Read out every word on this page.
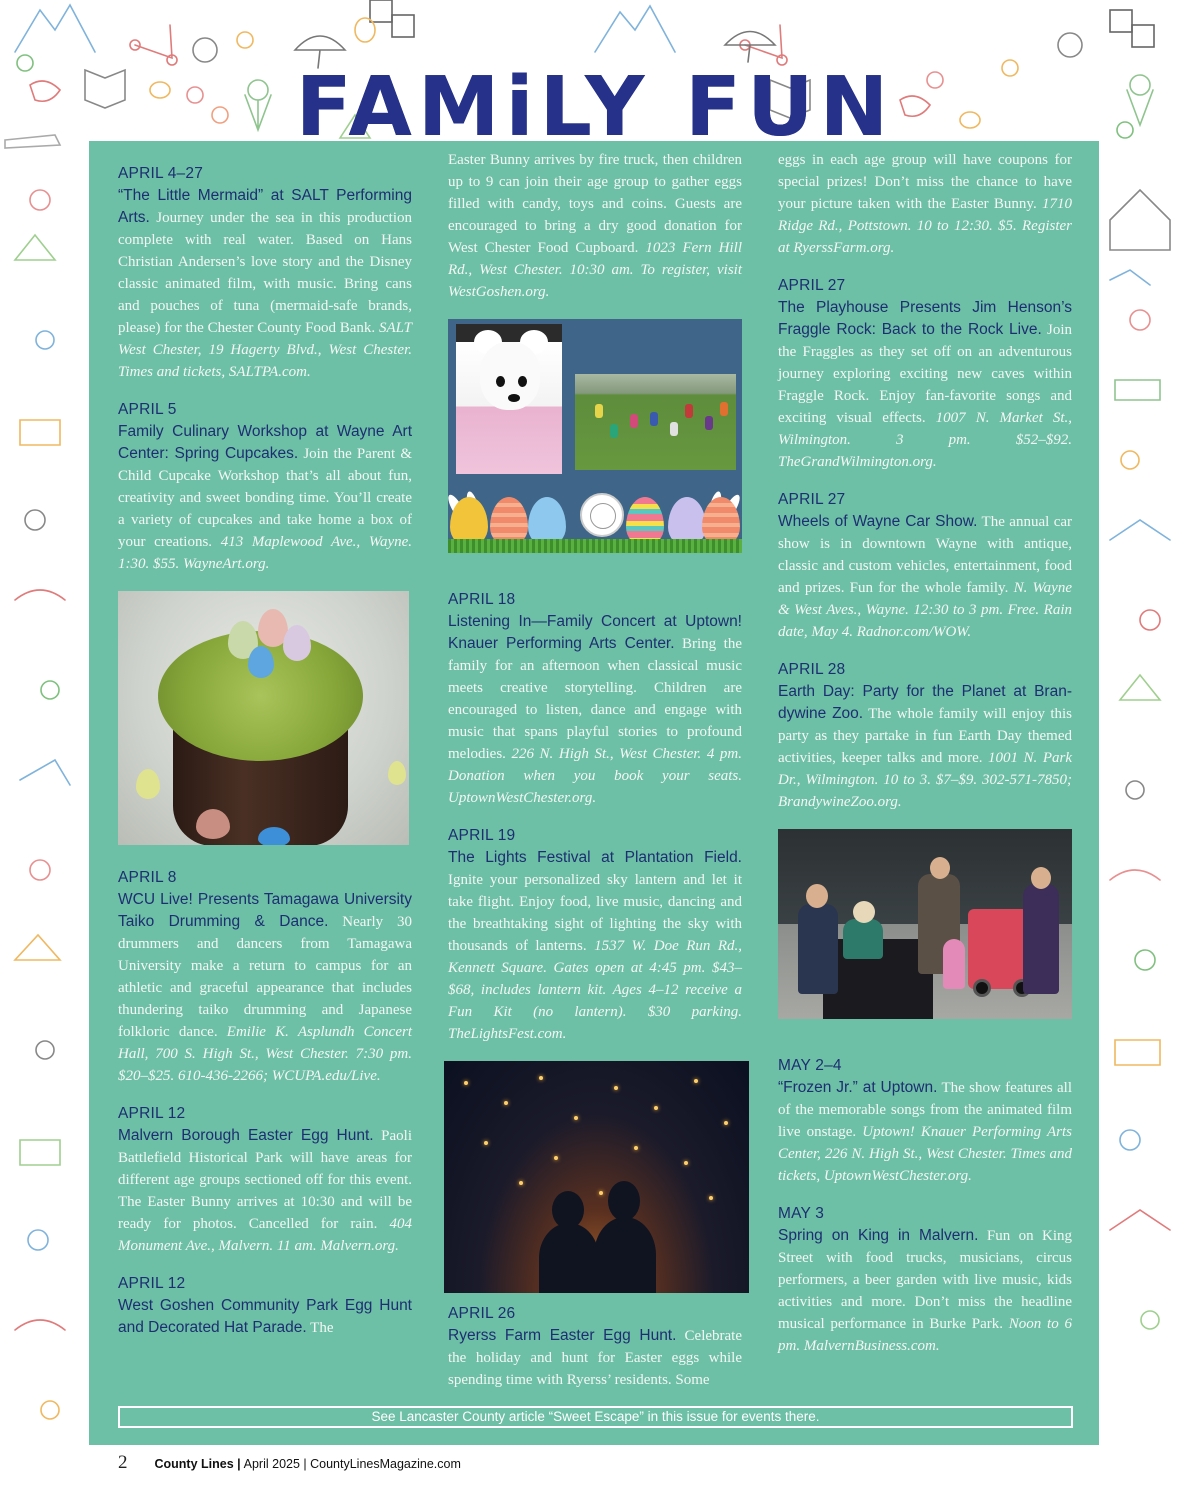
FAMiLY FUN
APRIL 4–27

“The Little Mermaid” at SALT Performing Arts. Journey under the sea in this production complete with real water. Based on Hans Christian Andersen’s love story and the Disney classic animated film, with music. Bring cans and pouches of tuna (mermaid-safe brands, please) for the Chester County Food Bank. SALT West Chester, 19 Hagerty Blvd., West Chester. Times and tickets, SALTPA.com.

APRIL 5

Family Culinary Workshop at Wayne Art Center: Spring Cupcakes. Join the Parent & Child Cupcake Workshop that’s all about fun, creativity and sweet bonding time. You’ll create a variety of cupcakes and take home a box of your creations. 413 Maplewood Ave., Wayne. 1:30. $55. WayneArt.org.

APRIL 8

WCU Live! Presents Tamagawa University Taiko Drumming & Dance. Nearly 30 drummers and dancers from Tamagawa University make a return to campus for an athletic and graceful appearance that includes thundering taiko drumming and Japanese folkloric dance. Emilie K. Asplundh Concert Hall, 700 S. High St., West Chester. 7:30 pm. $20–$25. 610-436-2266; WCUPA.edu/Live.

APRIL 12

Malvern Borough Easter Egg Hunt. Paoli Battlefield Historical Park will have areas for different age groups sectioned off for this event. The Easter Bunny arrives at 10:30 and will be ready for photos. Cancelled for rain. 404 Monument Ave., Malvern. 11 am. Malvern.org.

APRIL 12

West Goshen Community Park Egg Hunt and Decorated Hat Parade. The

Easter Bunny arrives by fire truck, then children up to 9 can join their age group to gather eggs filled with candy, toys and coins. Guests are encouraged to bring a dry good donation for West Chester Food Cupboard. 1023 Fern Hill Rd., West Chester. 10:30 am. To register, visit WestGoshen.org.

APRIL 18

Listening In—Family Concert at Uptown! Knauer Performing Arts Center. Bring the family for an afternoon when classical music meets creative storytelling. Children are encouraged to listen, dance and engage with music that spans playful stories to profound melodies. 226 N. High St., West Chester. 4 pm. Donation when you book your seats. UptownWestChester.org.

APRIL 19

The Lights Festival at Plantation Field. Ignite your personalized sky lantern and let it take flight. Enjoy food, live music, dancing and the breathtaking sight of lighting the sky with thousands of lanterns. 1537 W. Doe Run Rd., Kennett Square. Gates open at 4:45 pm. $43–$68, includes lantern kit. Ages 4–12 receive a Fun Kit (no lantern). $30 parking. TheLightsFest.com.

APRIL 26

Ryerss Farm Easter Egg Hunt. Celebrate the holiday and hunt for Easter eggs while spending time with Ryerss’ residents. Some

eggs in each age group will have coupons for special prizes! Don’t miss the chance to have your picture taken with the Easter Bunny. 1710 Ridge Rd., Pottstown. 10 to 12:30. $5. Register at RyerssFarm.org.

APRIL 27

The Playhouse Presents Jim Henson’s Fraggle Rock: Back to the Rock Live. Join the Fraggles as they set off on an adventurous journey exploring exciting new caves within Fraggle Rock. Enjoy fan-favorite songs and exciting visual effects. 1007 N. Market St., Wilmington. 3 pm. $52–$92. TheGrandWilmington.org.

APRIL 27

Wheels of Wayne Car Show. The annual car show is in downtown Wayne with antique, classic and custom vehicles, entertainment, food and prizes. Fun for the whole family. N. Wayne & West Aves., Wayne. 12:30 to 3 pm. Free. Rain date, May 4. Radnor.com/WOW.

APRIL 28

Earth Day: Party for the Planet at Brandywine Zoo. The whole family will enjoy this party as they partake in fun Earth Day themed activities, keeper talks and more. 1001 N. Park Dr., Wilmington. 10 to 3. $7–$9. 302-571-7850; BrandywineZoo.org.

MAY 2–4

“Frozen Jr.” at Uptown. The show features all of the memorable songs from the animated film live onstage. Uptown! Knauer Performing Arts Center, 226 N. High St., West Chester. Times and tickets, UptownWestChester.org.

MAY 3

Spring on King in Malvern. Fun on King Street with food trucks, musicians, circus performers, a beer garden with live music, kids activities and more. Don’t miss the headline musical performance in Burke Park. Noon to 6 pm. MalvernBusiness.com.

See Lancaster County article “Sweet Escape” in this issue for events there.
2 County Lines | April 2025 | CountyLinesMagazine.com
